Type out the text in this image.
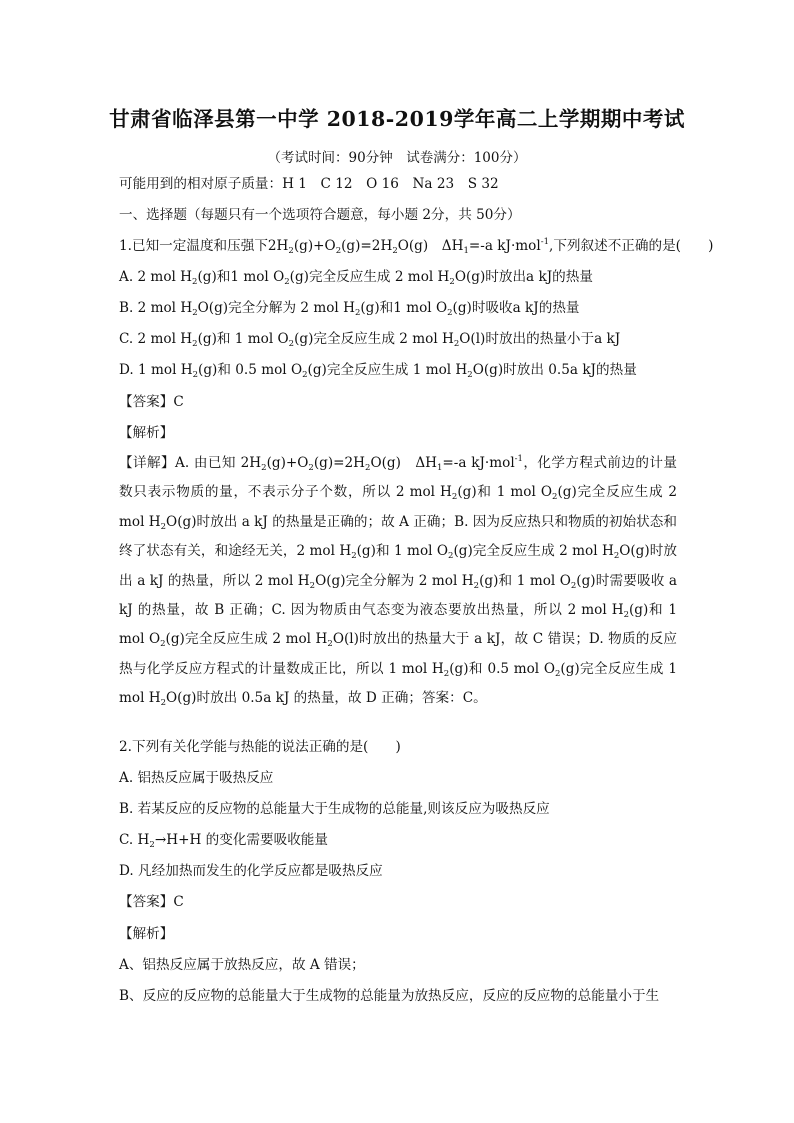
甘肃省临泽县第一中学 2018-2019学年高二上学期期中考试
（考试时间：90分钟　试卷满分：100分）
可能用到的相对原子质量：H 1　C 12　O 16　Na 23　S 32
一、选择题（每题只有一个选项符合题意，每小题 2分，共 50分）
1.已知一定温度和压强下$2H_2(g)+O_2(g)=2H_2O(g)$　$\Delta H_1=-a$ kJ·mol$^{-1}$,下列叙述不正确的是(　　)
A. 2 mol $H_2(g)$和1 mol $O_2(g)$完全反应生成 2 mol $H_2O(g)$时放出a kJ的热量
B. 2 mol $H_2O(g)$完全分解为 2 mol $H_2(g)$和1 mol $O_2(g)$时吸收a kJ的热量
C. 2 mol $H_2(g)$和 1 mol $O_2(g)$完全反应生成 2 mol $H_2O(l)$时放出的热量小于a kJ
D. 1 mol $H_2(g)$和 0.5 mol $O_2(g)$完全反应生成 1 mol $H_2O(g)$时放出 0.5a kJ的热量
【答案】C
【解析】
【详解】A. 由已知 $2H_2(g)+O_2(g)=2H_2O(g)$　$\Delta H_1=-a$ kJ·mol$^{-1}$，化学方程式前边的计量数只表示物质的量，不表示分子个数，所以 2 mol $H_2(g)$和 1 mol $O_2(g)$完全反应生成 2 mol $H_2O(g)$时放出 a kJ 的热量是正确的；故 A 正确；B. 因为反应热只和物质的初始状态和终了状态有关，和途经无关，2 mol $H_2(g)$和 1 mol $O_2(g)$完全反应生成 2 mol $H_2O(g)$时放出 a kJ 的热量，所以 2 mol $H_2O(g)$完全分解为 2 mol $H_2(g)$和 1 mol $O_2(g)$时需要吸收 a kJ 的热量，故 B 正确；C. 因为物质由气态变为液态要放出热量，所以 2 mol $H_2(g)$和 1 mol $O_2(g)$完全反应生成 2 mol $H_2O(l)$时放出的热量大于 a kJ，故 C 错误；D. 物质的反应热与化学反应方程式的计量数成正比，所以 1 mol $H_2(g)$和 0.5 mol $O_2(g)$完全反应生成 1 mol $H_2O(g)$时放出 0.5a kJ 的热量，故 D 正确；答案：C。
2.下列有关化学能与热能的说法正确的是(　　)
A. 铝热反应属于吸热反应
B. 若某反应的反应物的总能量大于生成物的总能量,则该反应为吸热反应
C. $H_2\to H+H$ 的变化需要吸收能量
D. 凡经加热而发生的化学反应都是吸热反应
【答案】C
【解析】
A、铝热反应属于放热反应，故 A 错误；
B、反应的反应物的总能量大于生成物的总能量为放热反应，反应的反应物的总能量小于生
